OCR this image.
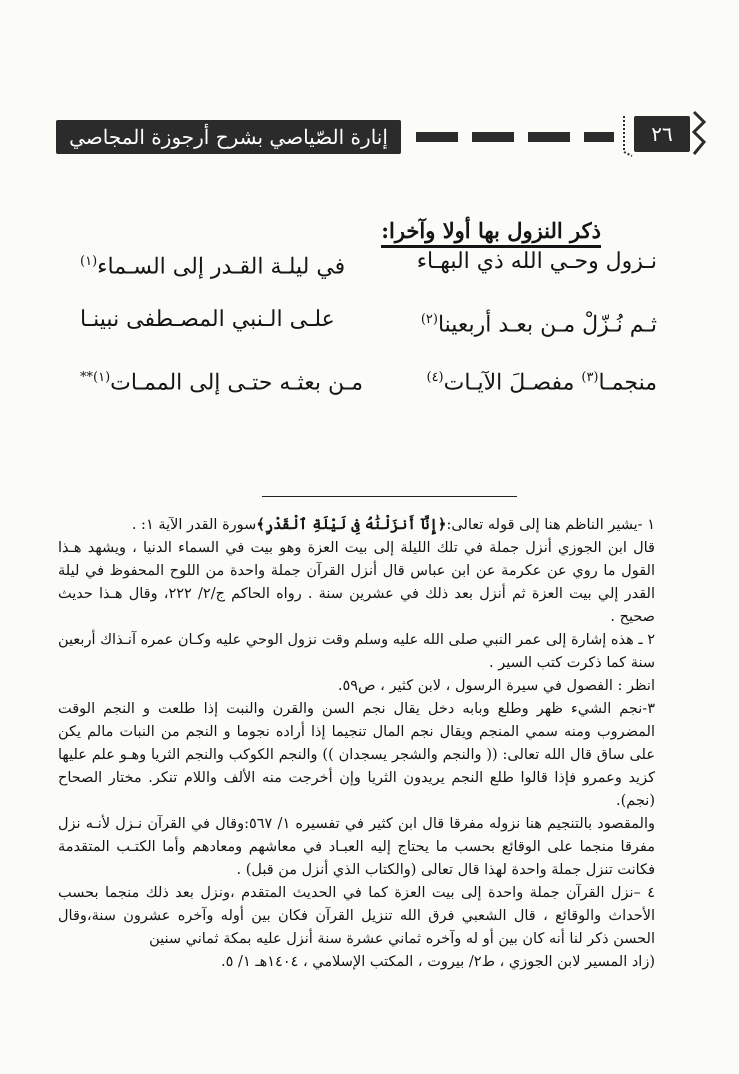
إنارة الصّياصي بشرح أرجوزة المجاصي	٢٦
ذكر النزول بها أولا وآخرا:
نـزول وحـي الله ذي البهـاء
في ليلـة القـدر إلى السـماء$^{(١)}$
ثـم نُـزّلْ مـن بعـد أربعينا$^{(٢)}$
علـى الـنبي المصـطفى نبينـا
منجمـا$^{(٣)}$ مفصـلَ الآيـات$^{(٤)}$
مـن بعثـه حتـى إلى الممـات$^{(١)**}$

١ -يشير الناظم هنا إلى قوله تعالى:﴿إِنَّآ أَنزَلْنَٰهُ فِى لَيْلَةِ ٱلْقَدْرِ﴾سورة القدر الآية ١: .

قال ابن الجوزي أنزل جملة في تلك الليلة إلى بيت العزة وهو بيت في السماء الدنيا ، ويشهد هـذا القول ما روي عن عكرمة عن ابن عباس قال أنزل القرآن جملة واحدة من اللوح المحفوظ في ليلة القدر إلي بيت العزة ثم أنزل بعد ذلك في عشرين سنة . رواه الحاكم ج/٢/ ٢٢٢، وقال هـذا حديث صحيح .

٢ ـ هذه إشارة إلى عمر النبي صلى الله عليه وسلم وقت نزول الوحي عليه وكـان عمره آنـذاك أربعين سنة كما ذكرت كتب السير .

انظر : الفصول في سيرة الرسول ، لابن كثير ، ص٥٩.

٣-نجم الشيء ظهر وطلع وبابه دخل يقال نجم السن والقرن والنبت إذا طلعت و النجم الوقت المضروب ومنه سمي المنجم ويقال نجم المال تنجيما إذا أراده نجوما و النجم من النبات مالم يكن على ساق قال الله تعالى: (( والنجم والشجر يسجدان )) والنجم الكوكب والنجم الثريا وهـو علم عليها كزيد وعمرو فإذا قالوا طلع النجم يريدون الثريا وإن أخرجت منه الألف واللام تنكر. مختار الصحاح (نجم).

والمقصود بالتنجيم هنا نزوله مفرقا قال ابن كثير في تفسيره ١/ ٥٦٧:وقال في القرآن نـزل لأنـه نزل مفرقا منجما على الوقائع بحسب ما يحتاج إليه العبـاد في معاشهم ومعادهم وأما الكتـب المتقدمة فكانت تنزل جملة واحدة لهذا قال تعالى (والكتاب الذي أنزل من قبل) .

٤ –نزل القرآن جملة واحدة إلى بيت العزة كما في الحديث المتقدم ،ونزل بعد ذلك منجما بحسب الأحداث والوقائع ، قال الشعبي فرق الله تنزيل القرآن فكان بين أوله وآخره عشرون سنة،وقال الحسن ذكر لنا أنه كان بين أو له وآخره ثماني عشرة سنة أنزل عليه بمكة ثماني سنين

(زاد المسير لابن الجوزي ، ط٢/ بيروت ، المكتب الإسلامي ، ١٤٠٤هـ ١/ ٥.
